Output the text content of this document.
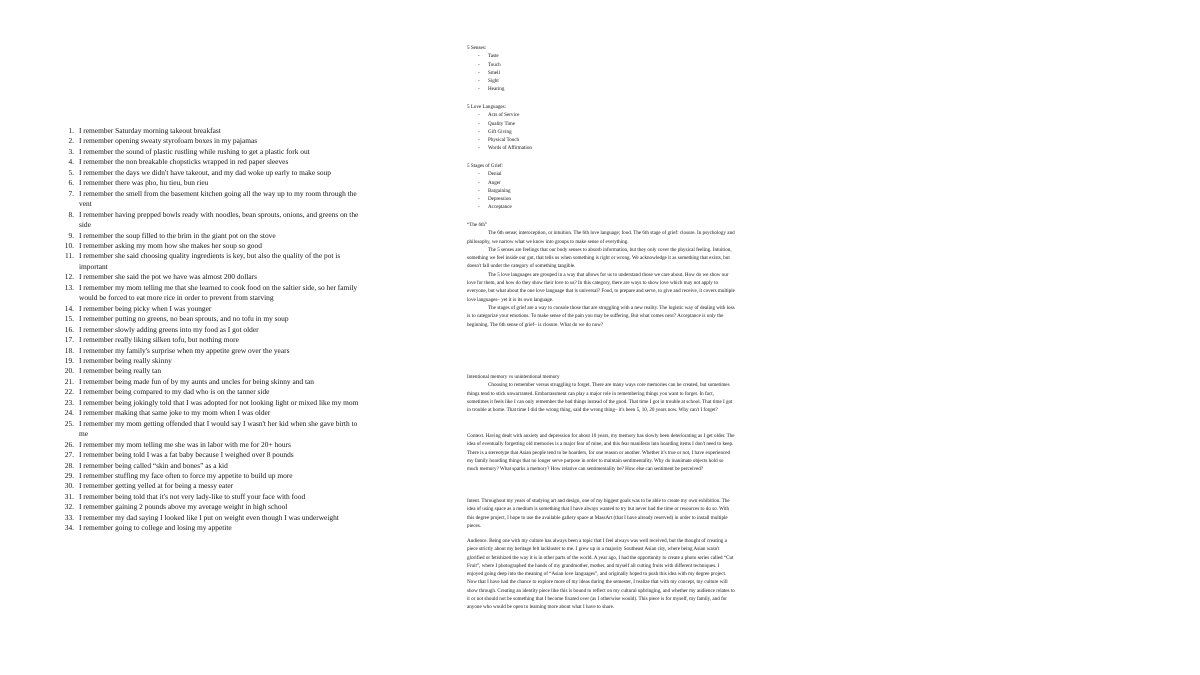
1. I remember Saturday morning takeout breakfast
2. I remember opening sweaty styrofoam boxes in my pajamas
3. I remember the sound of plastic rustling while rushing to get a plastic fork out
4. I remember the non breakable chopsticks wrapped in red paper sleeves
5. I remember the days we didn't have takeout, and my dad woke up early to make soup
6. I remember there was pho, hu tieu, bun rieu
7. I remember the smell from the basement kitchen going all the way up to my room through the vent
8. I remember having prepped bowls ready with noodles, bean sprouts, onions, and greens on the side
9. I remember the soup filled to the brim in the giant pot on the stove
10. I remember asking my mom how she makes her soup so good
11. I remember she said choosing quality ingredients is key, but also the quality of the pot is important
12. I remember she said the pot we have was almost 200 dollars
13. I remember my mom telling me that she learned to cook food on the saltier side, so her family would be forced to eat more rice in order to prevent from starving
14. I remember being picky when I was younger
15. I remember putting no greens, no bean sprouts, and no tofu in my soup
16. I remember slowly adding greens into my food as I got older
17. I remember really liking silken tofu, but nothing more
18. I remember my family's surprise when my appetite grew over the years
19. I remember being really skinny
20. I remember being really tan
21. I remember being made fun of by my aunts and uncles for being skinny and tan
22. I remember being compared to my dad who is on the tanner side
23. I remember being jokingly told that I was adopted for not looking light or mixed like my mom
24. I remember making that same joke to my mom when I was older
25. I remember my mom getting offended that I would say I wasn't her kid when she gave birth to me
26. I remember my mom telling me she was in labor with me for 20+ hours
27. I remember being told I was a fat baby because I weighed over 8 pounds
28. I remember being called “skin and bones” as a kid
29. I remember stuffing my face often to force my appetite to build up more
30. I remember getting yelled at for being a messy eater
31. I remember being told that it's not very lady-like to stuff your face with food
32. I remember gaining 2 pounds above my average weight in high school
33. I remember my dad saying I looked like I put on weight even though I was underweight
34. I remember going to college and losing my appetite

5 Senses:

- Taste
- Touch
- Smell
- Sight
- Hearing

5 Love Languages:

- Acts of Service
- Quality Time
- Gift Giving
- Physical Touch
- Words of Affirmation

5 Stages of Grief:

- Denial
- Anger
- Bargaining
- Depression
- Acceptance

“The 6th”

The 6th sense; interoception, or intuition. The 6th love language; food. The 6th stage of grief: closure. In psychology and philosophy, we narrow what we know into groups to make sense of everything.

The 5 senses are feelings that our body senses to absorb information, but they only cover the physical feeling. Intuition, something we feel inside our gut, that tells us when something is right or wrong. We acknowledge it as something that exists, but doesn't fall under the category of something tangible.

The 5 love languages are grouped in a way that allows for us to understand those we care about. How do we show our love for them, and how do they show their love to us? In this category, there are ways to show love which may not apply to everyone, but what about the one love language that is universal? Food, to prepare and serve, to give and receive, it covers multiple love languages– yet it is its own language.

The stages of grief are a way to console those that are struggling with a new reality. The logistic way of dealing with loss is to categorize your emotions. To make sense of the pain you may be suffering. But what comes next? Acceptance is only the beginning. The 6th sense of grief– is closure. What do we do now?

Intentional memory vs unintentional memory

Choosing to remember versus struggling to forget. There are many ways core memories can be created, but sometimes things tend to stick unwarranted. Embarrassment can play a major role in remembering things you want to forget. In fact, sometimes it feels like I can only remember the bad things instead of the good. That time I got in trouble at school. That time I got in trouble at home. That time I did the wrong thing, said the wrong thing– it's been 5, 10, 20 years now. Why can't I forget?

Context. Having dealt with anxiety and depression for about 10 years, my memory has slowly been deteriorating as I get older. The idea of eventually forgetting old memories is a major fear of mine, and this fear manifests into hoarding items I don't need to keep. There is a stereotype that Asian people tend to be hoarders, for one reason or another. Whether it's true or not, I have experienced my family hoarding things that no longer serve purpose in order to maintain sentimentality. Why do inanimate objects hold so much memory? What sparks a memory? How relative can sentimentality be? How else can sentiment be perceived?

Intent. Throughout my years of studying art and design, one of my biggest goals was to be able to create my own exhibition. The idea of using space as a medium is something that I have always wanted to try but never had the time or resources to do so. With this degree project, I hope to use the available gallery space at MassArt (that I have already reserved) in order to install multiple pieces.

Audience. Being one with my culture has always been a topic that I feel always was well received, but the thought of creating a piece strictly about my heritage felt lackluster to me. I grew up in a majority Southeast Asian city, where being Asian wasn't glorified or fetishized the way it is in other parts of the world. A year ago, I had the opportunity to create a photo series called “Cut Fruit”, where I photographed the hands of my grandmother, mother, and myself all cutting fruits with different techniques. I enjoyed going deep into the meaning of “Asian love languages”, and originally hoped to push this idea with my degree project. Now that I have had the chance to explore more of my ideas during the semester, I realize that with my concept, my culture will show through. Creating an identity piece like this is bound to reflect on my cultural upbringing, and whether my audience relates to it or not should not be something that I become fixated over (as I otherwise would). This piece is for myself, my family, and for anyone who would be open to learning more about what I have to share.
